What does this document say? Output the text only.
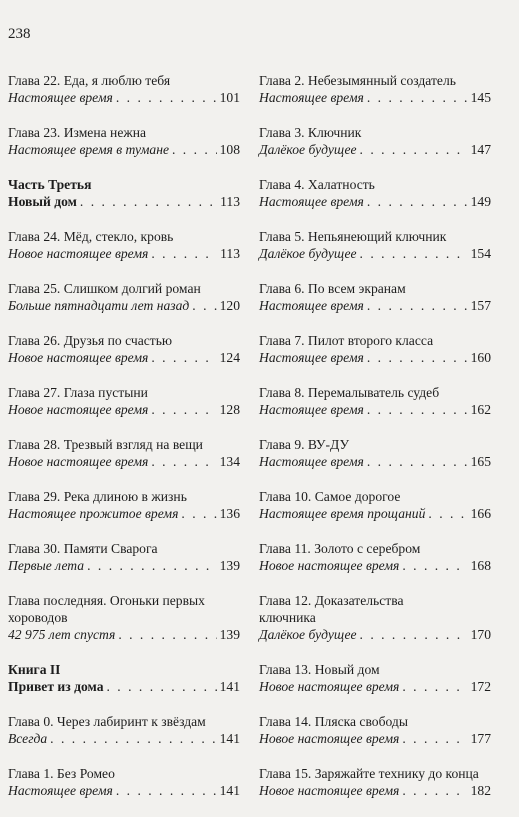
238
Глава 22. Еда, я люблю тебя
Настоящее время . . .	101
Глава 23. Измена нежна
Настоящее время в тумане . . .	108
Часть Третья
Новый дом . . .	113
Глава 24. Мёд, стекло, кровь
Новое настоящее время . . .	113
Глава 25. Слишком долгий роман
Больше пятнадцати лет назад . . . 120
Глава 26. Друзья по счастью
Новое настоящее время . . .	124
Глава 27. Глаза пустыни
Новое настоящее время . . .	128
Глава 28. Трезвый взгляд на вещи
Новое настоящее время . . .	134
Глава 29. Река длиною в жизнь
Настоящее прожитое время . . .	136
Глава 30. Памяти Сварога
Первые лета . . .	139
Глава последняя. Огоньки первых
хороводов
42 975 лет спустя . . .	139
Книга II
Привет из дома . . .	141
Глава 0. Через лабиринт к звёздам
Всегда . . .	141
Глава 1. Без Ромео
Настоящее время . . .	141
Глава 2. Небезымянный создатель
Настоящее время . . .	145
Глава 3. Ключник
Далёкое будущее . . .	147
Глава 4. Халатность
Настоящее время . . .	149
Глава 5. Непьянеющий ключник
Далёкое будущее . . .	154
Глава 6. По всем экранам
Настоящее время . . .	157
Глава 7. Пилот второго класса
Настоящее время . . .	160
Глава 8. Перемалыватель судеб
Настоящее время . . .	162
Глава 9. ВУ-ДУ
Настоящее время . . .	165
Глава 10. Самое дорогое
Настоящее время прощаний . . .	166
Глава 11. Золото с серебром
Новое настоящее время . . .	168
Глава 12. Доказательства
ключника
Далёкое будущее . . .	170
Глава 13. Новый дом
Новое настоящее время . . .	172
Глава 14. Пляска свободы
Новое настоящее время . . .	177
Глава 15. Заряжайте технику до конца
Новое настоящее время . . .	182
